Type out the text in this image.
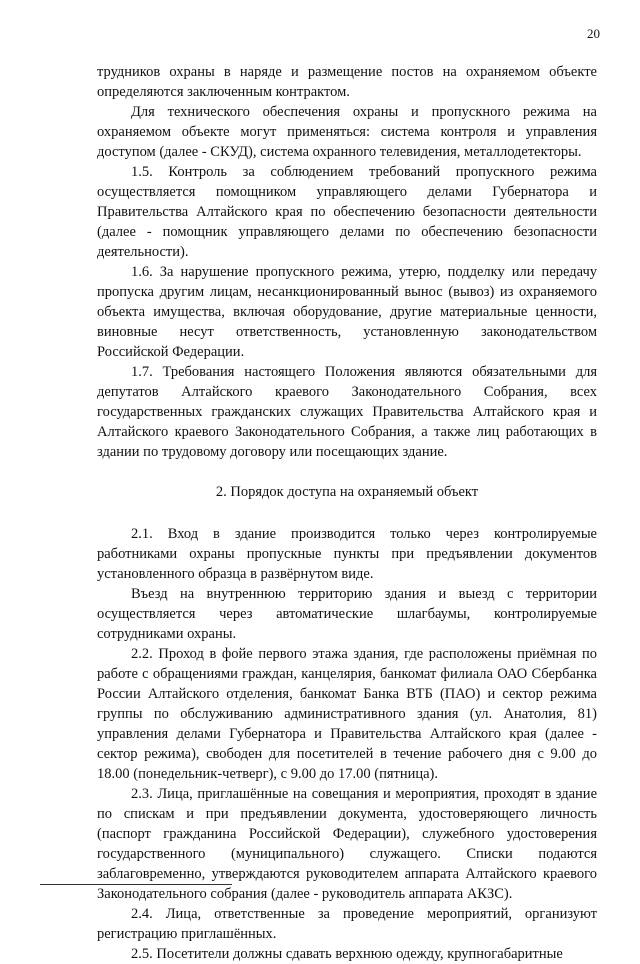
20

трудников охраны в наряде и размещение постов на охраняемом объекте определяются заключенным контрактом.

Для технического обеспечения охраны и пропускного режима на охраняемом объекте могут применяться: система контроля и управления доступом (далее - СКУД), система охранного телевидения, металлодетекторы.

1.5. Контроль за соблюдением требований пропускного режима осуществляется помощником управляющего делами Губернатора и Правительства Алтайского края по обеспечению безопасности деятельности (далее - помощник управляющего делами по обеспечению безопасности деятельности).

1.6. За нарушение пропускного режима, утерю, подделку или передачу пропуска другим лицам, несанкционированный вынос (вывоз) из охраняемого объекта имущества, включая оборудование, другие материальные ценности, виновные несут ответственность, установленную законодательством Российской Федерации.

1.7. Требования настоящего Положения являются обязательными для депутатов Алтайского краевого Законодательного Собрания, всех государственных гражданских служащих Правительства Алтайского края и Алтайского краевого Законодательного Собрания, а также лиц работающих в здании по трудовому договору или посещающих здание.

2. Порядок доступа на охраняемый объект

2.1. Вход в здание производится только через контролируемые работниками охраны пропускные пункты при предъявлении документов установленного образца в развёрнутом виде.

Въезд на внутреннюю территорию здания и выезд с территории осуществляется через автоматические шлагбаумы, контролируемые сотрудниками охраны.

2.2. Проход в фойе первого этажа здания, где расположены приёмная по работе с обращениями граждан, канцелярия, банкомат филиала ОАО Сбербанка России Алтайского отделения, банкомат Банка ВТБ (ПАО) и сектор режима группы по обслуживанию административного здания (ул. Анатолия, 81) управления делами Губернатора и Правительства Алтайского края (далее - сектор режима), свободен для посетителей в течение рабочего дня с 9.00 до 18.00 (понедельник-четверг), с 9.00 до 17.00 (пятница).

2.3. Лица, приглашённые на совещания и мероприятия, проходят в здание по спискам и при предъявлении документа, удостоверяющего личность (паспорт гражданина Российской Федерации), служебного удостоверения государственного (муниципального) служащего. Списки подаются заблаговременно, утверждаются руководителем аппарата Алтайского краевого Законодательного собрания (далее - руководитель аппарата АКЗС).

2.4. Лица, ответственные за проведение мероприятий, организуют регистрацию приглашённых.

2.5. Посетители должны сдавать верхнюю одежду, крупногабаритные
